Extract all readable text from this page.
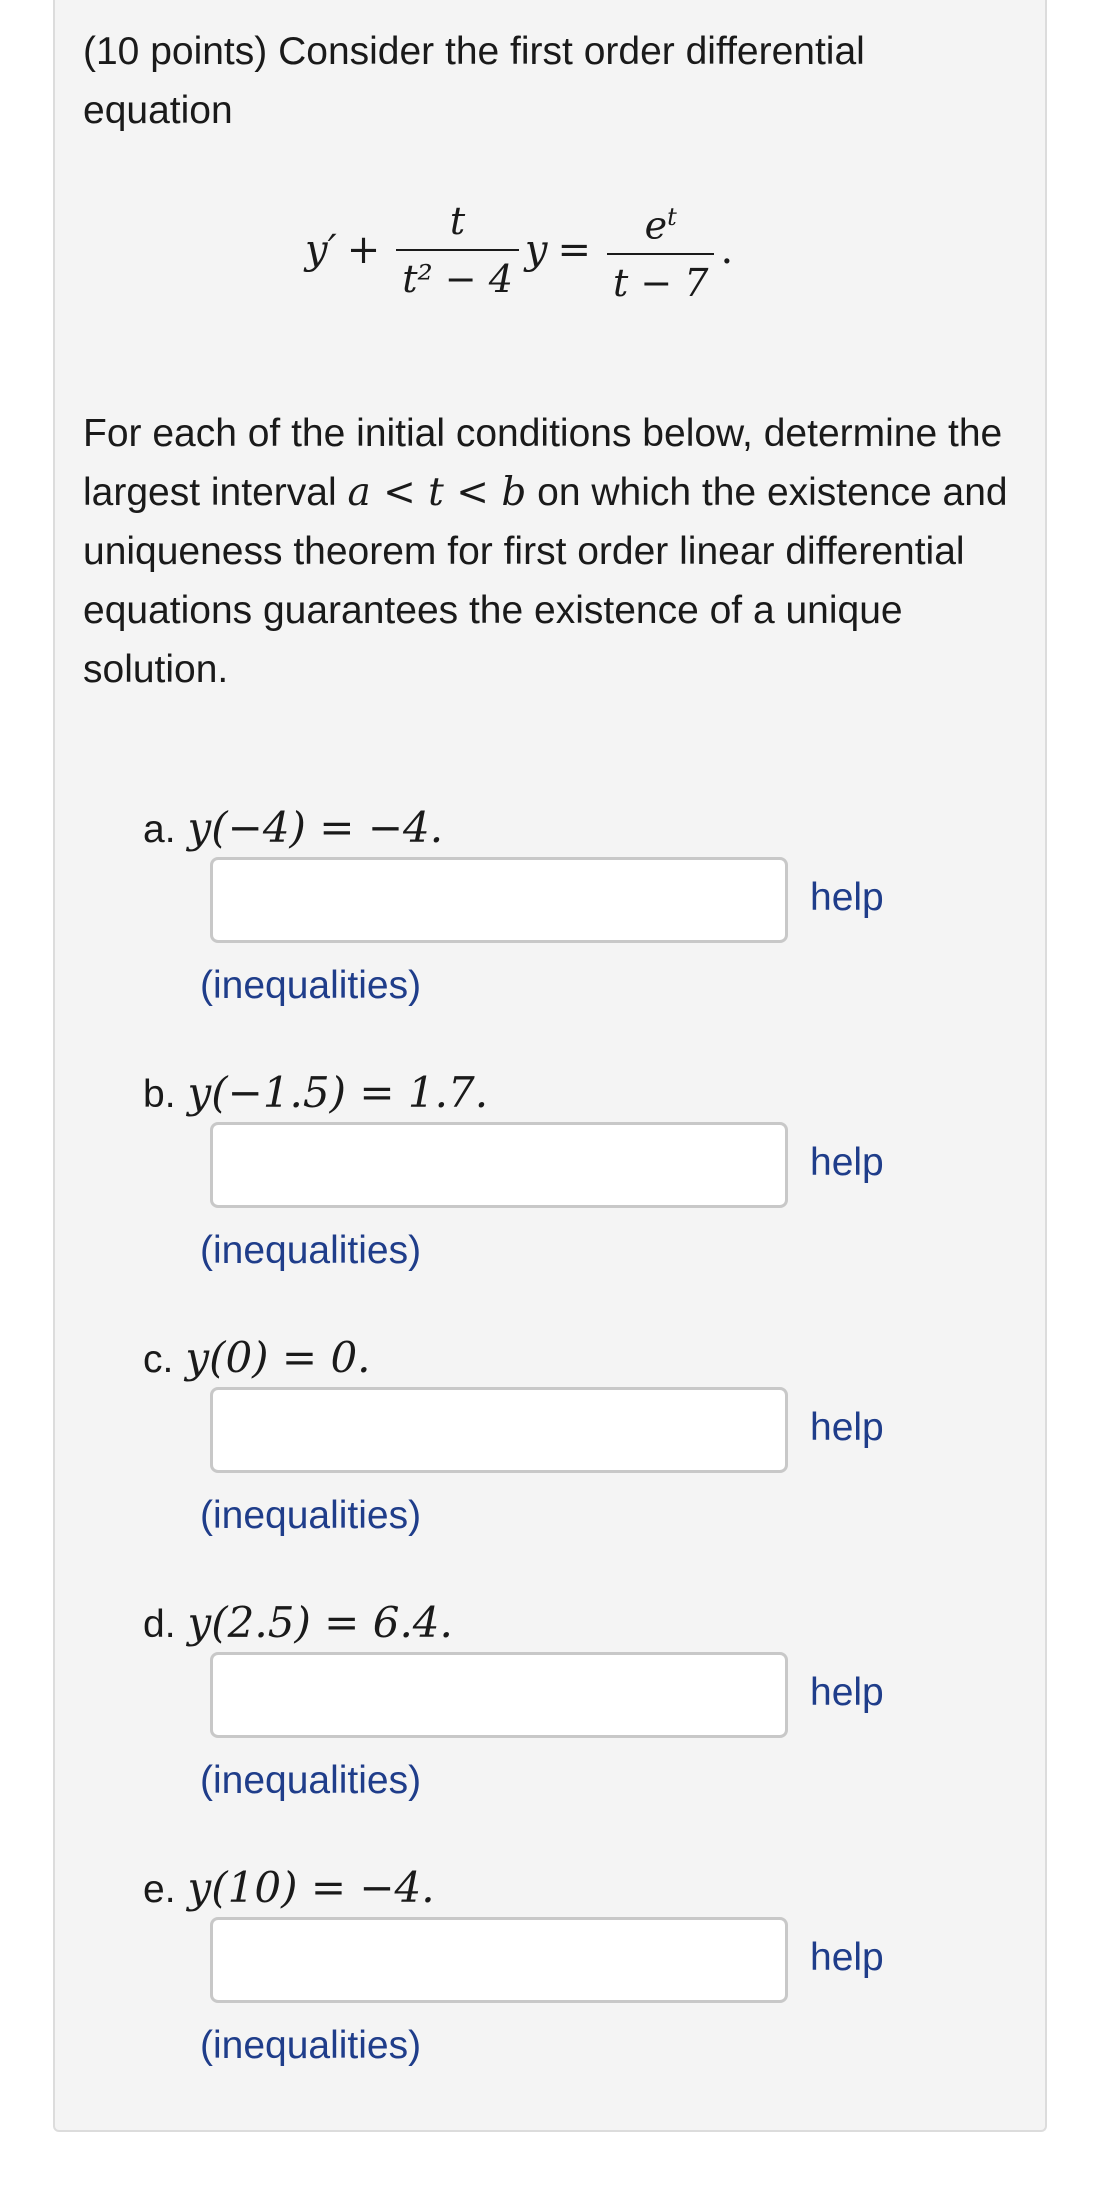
(10 points) Consider the first order differential equation
$y' + \frac{t}{\text{t² − 4}}$ $y = \frac{e^t}{t - 7}$ .
For each of the initial conditions below, determine the largest interval a < t < b on which the existence and uniqueness theorem for first order linear differential equations guarantees the existence of a unique solution.
a. y(−4) = −4.
help
(inequalities)
b. y(−1.5) = 1.7.
help
(inequalities)
c. y(0) = 0.
help
(inequalities)
d. y(2.5) = 6.4.
help
(inequalities)
e. y(10) = −4.
help
(inequalities)
